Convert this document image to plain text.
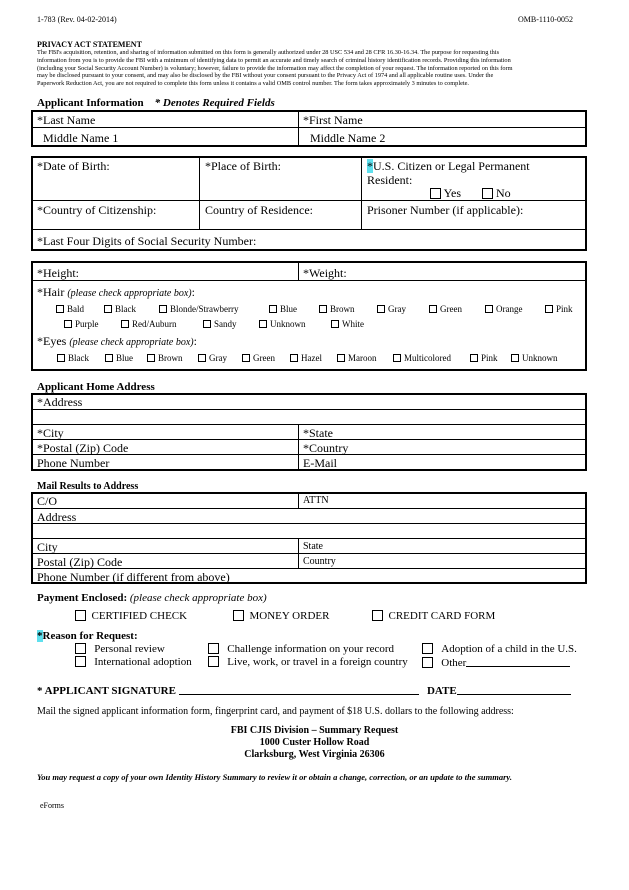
1-783 (Rev. 04-02-2014)	OMB-1110-0052
PRIVACY ACT STATEMENT
The FBI's acquisition, retention, and sharing of information submitted on this form is generally authorized under 28 USC 534 and 28 CFR 16.30-16.34. The purpose for requesting this
information from you is to provide the FBI with a minimum of identifying data to permit an accurate and timely search of criminal history identification records. Providing this information
(including your Social Security Account Number) is voluntary; however, failure to provide the information may affect the completion of your request. The information reported on this form
may be disclosed pursuant to your consent, and may also be disclosed by the FBI without your consent pursuant to the Privacy Act of 1974 and all applicable routine uses. Under the
Paperwork Reduction Act, you are not required to complete this form unless it contains a valid OMB control number. The form takes approximately 3 minutes to complete.
Applicant Information * Denotes Required Fields
*Last Name	*First Name
Middle Name 1	Middle Name 2
*Date of Birth:	*Place of Birth:	*U.S. Citizen or Legal Permanent
Resident:
Yes	No
*Country of Citizenship:	Country of Residence:	Prisoner Number (if applicable):
*Last Four Digits of Social Security Number:
*Height:	*Weight:
*Hair (please check appropriate box):
Bald	Black	Blonde/Strawberry	Blue	Brown	Gray	Green	Orange	Pink
Purple	Red/Auburn	Sandy	Unknown	White
*Eyes (please check appropriate box):
Black	Blue	Brown	Gray	Green	Hazel	Maroon	Multicolored	Pink	Unknown
Applicant Home Address
*Address
*City	*State
*Postal (Zip) Code	*Country
Phone Number	E-Mail
Mail Results to Address
C/O	ATTN
Address
City	State
Postal (Zip) Code	Country
Phone Number (if different from above)
Payment Enclosed: (please check appropriate box)
CERTIFIED CHECK	MONEY ORDER	CREDIT CARD FORM
*Reason for Request:
Personal review	Challenge information on your record	Adoption of a child in the U.S.
International adoption	Live, work, or travel in a foreign country	Other
* APPLICANT SIGNATURE	DATE
Mail the signed applicant information form, fingerprint card, and payment of $18 U.S. dollars to the following address:
FBI CJIS Division – Summary Request
1000 Custer Hollow Road
Clarksburg, West Virginia 26306
You may request a copy of your own Identity History Summary to review it or obtain a change, correction, or an update to the summary.
eForms
